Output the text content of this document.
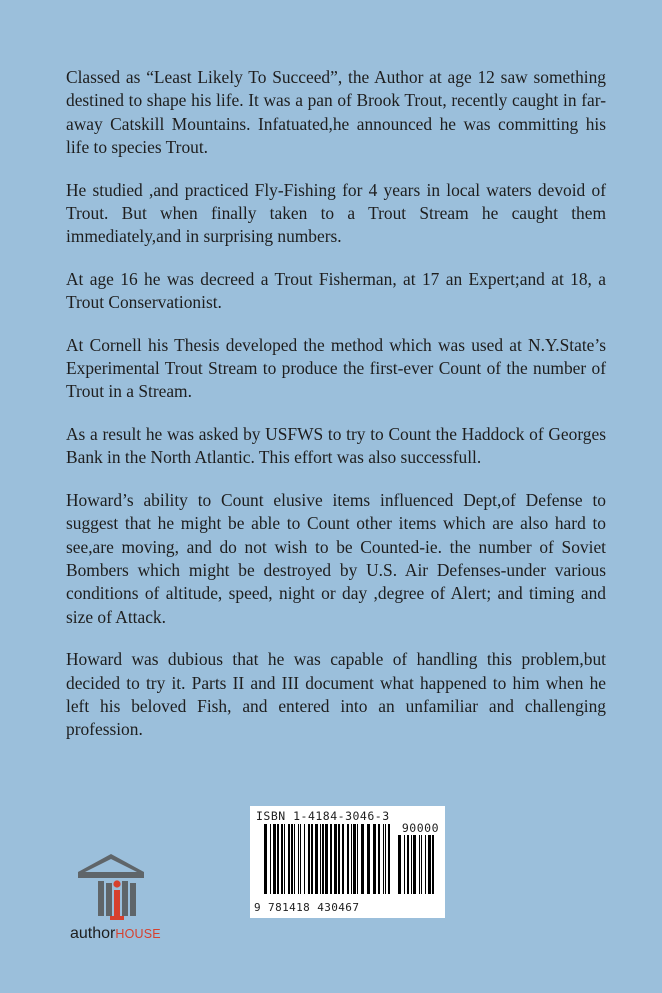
Classed as “Least Likely To Succeed”, the Author at age 12 saw something destined to shape his life. It was a pan of Brook Trout, recently caught in far-away Catskill Mountains. Infatuated,he announced he was committing his life to species Trout.

He studied ,and practiced Fly-Fishing for 4 years in local waters devoid of Trout. But when finally taken to a Trout Stream he caught them immediately,and in surprising numbers.

At age 16 he was decreed a Trout Fisherman, at 17 an Expert;and at 18, a Trout Conservationist.

At Cornell his Thesis developed the method which was used at N.Y.State’s Experimental Trout Stream to produce the first-ever Count of the number of Trout in a Stream.

As a result he was asked by USFWS to try to Count the Haddock of Georges Bank in the North Atlantic. This effort was also successfull.

Howard’s ability to Count elusive items influenced Dept,of Defense to suggest that he might be able to Count other items which are also hard to see,are moving, and do not wish to be Counted-ie. the number of Soviet Bombers which might be destroyed by U.S. Air Defenses-under various conditions of altitude, speed, night or day ,degree of Alert; and timing and size of Attack.

Howard was dubious that he was capable of handling this problem,but decided to try it. Parts II and III document what happened to him when he left his beloved Fish, and entered into an unfamiliar and challenging profession.

ISBN 1-4184-3046-3
90000
9 781418 430467
authorHOUSE
